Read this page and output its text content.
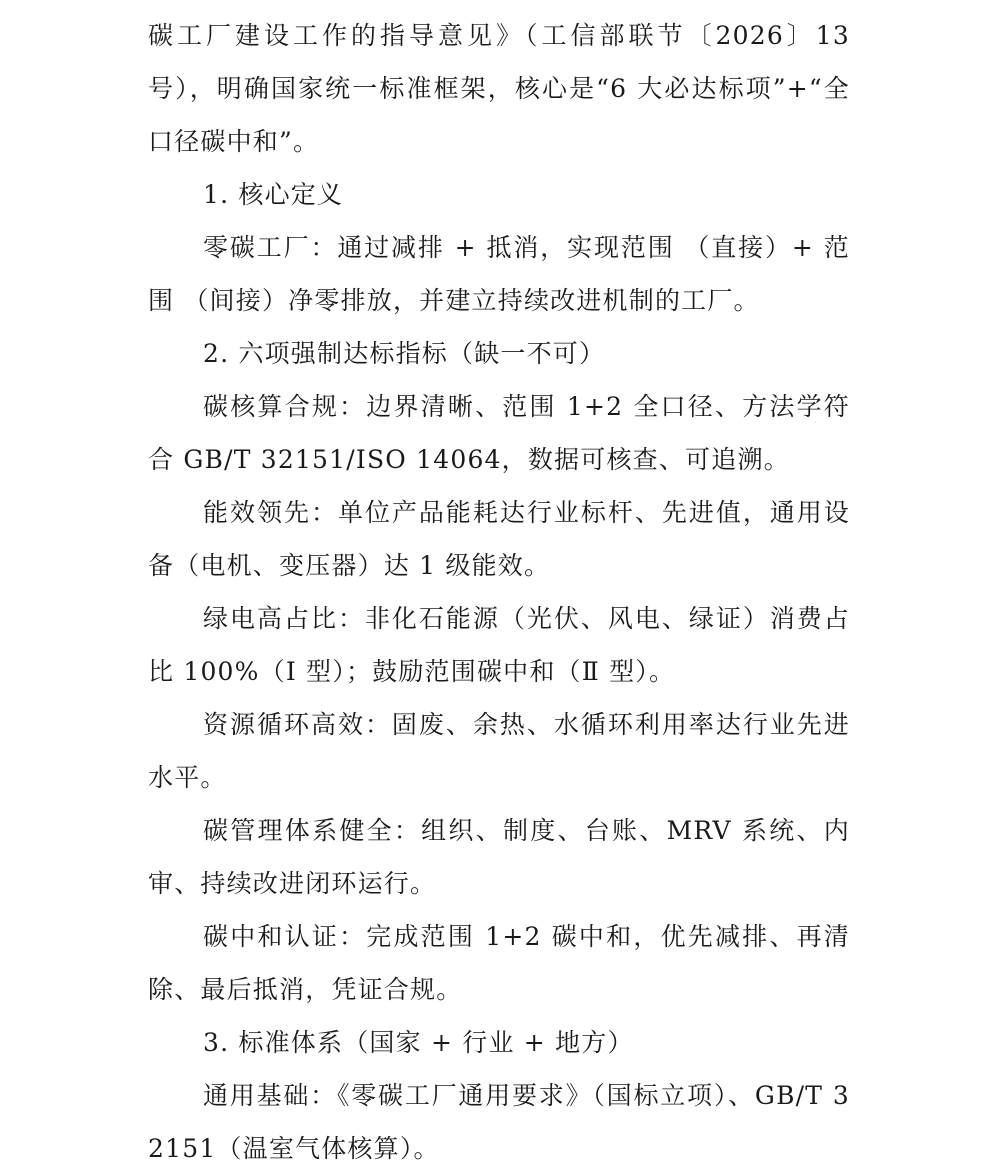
碳工厂建设工作的指导意见》（工信部联节〔2026〕13 号），明确国家统一标准框架，核心是“6 大必达标项”+“全口径碳中和”。

1. 核心定义

零碳工厂：通过减排 + 抵消，实现范围 （直接）+ 范围 （间接）净零排放，并建立持续改进机制的工厂。

2. 六项强制达标指标（缺一不可）

碳核算合规：边界清晰、范围 1+2 全口径、方法学符合 GB/T 32151/ISO 14064，数据可核查、可追溯。

能效领先：单位产品能耗达行业标杆、先进值，通用设备（电机、变压器）达 1 级能效。

绿电高占比：非化石能源（光伏、风电、绿证）消费占比 100%（Ⅰ 型）；鼓励范围碳中和（Ⅱ 型）。

资源循环高效：固废、余热、水循环利用率达行业先进水平。

碳管理体系健全：组织、制度、台账、MRV 系统、内审、持续改进闭环运行。

碳中和认证：完成范围 1+2 碳中和，优先减排、再清除、最后抵消，凭证合规。

3. 标准体系（国家 + 行业 + 地方）

通用基础：《零碳工厂通用要求》（国标立项）、GB/T 32151（温室气体核算）。
